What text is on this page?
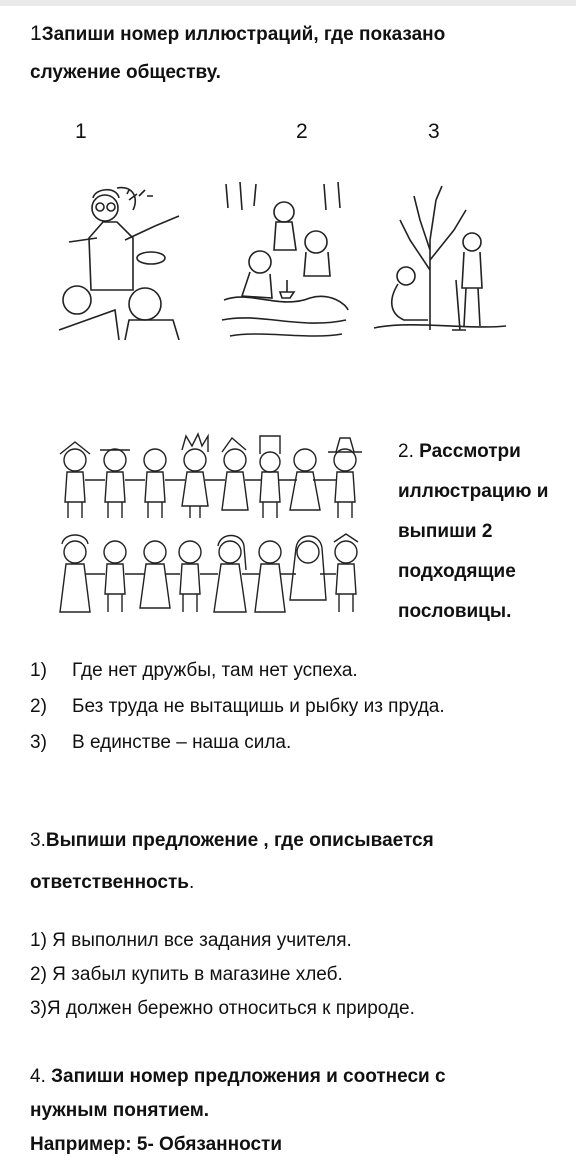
1Запиши номер иллюстраций, где показано
служение обществу.
1	2	3
2. Рассмотри
иллюстрацию и
выпиши 2
подходящие
пословицы.
1) Где нет дружбы, там нет успеха.
2) Без труда не вытащишь и рыбку из пруда.
3) В единстве – наша сила.
3.Выпиши предложение , где описывается
ответственность.
1) Я выполнил все задания учителя.
2) Я забыл купить в магазине хлеб.
3)Я должен бережно относиться к природе.
4. Запиши номер предложения и соотнеси с
нужным понятием.
Например: 5- Обязанности
